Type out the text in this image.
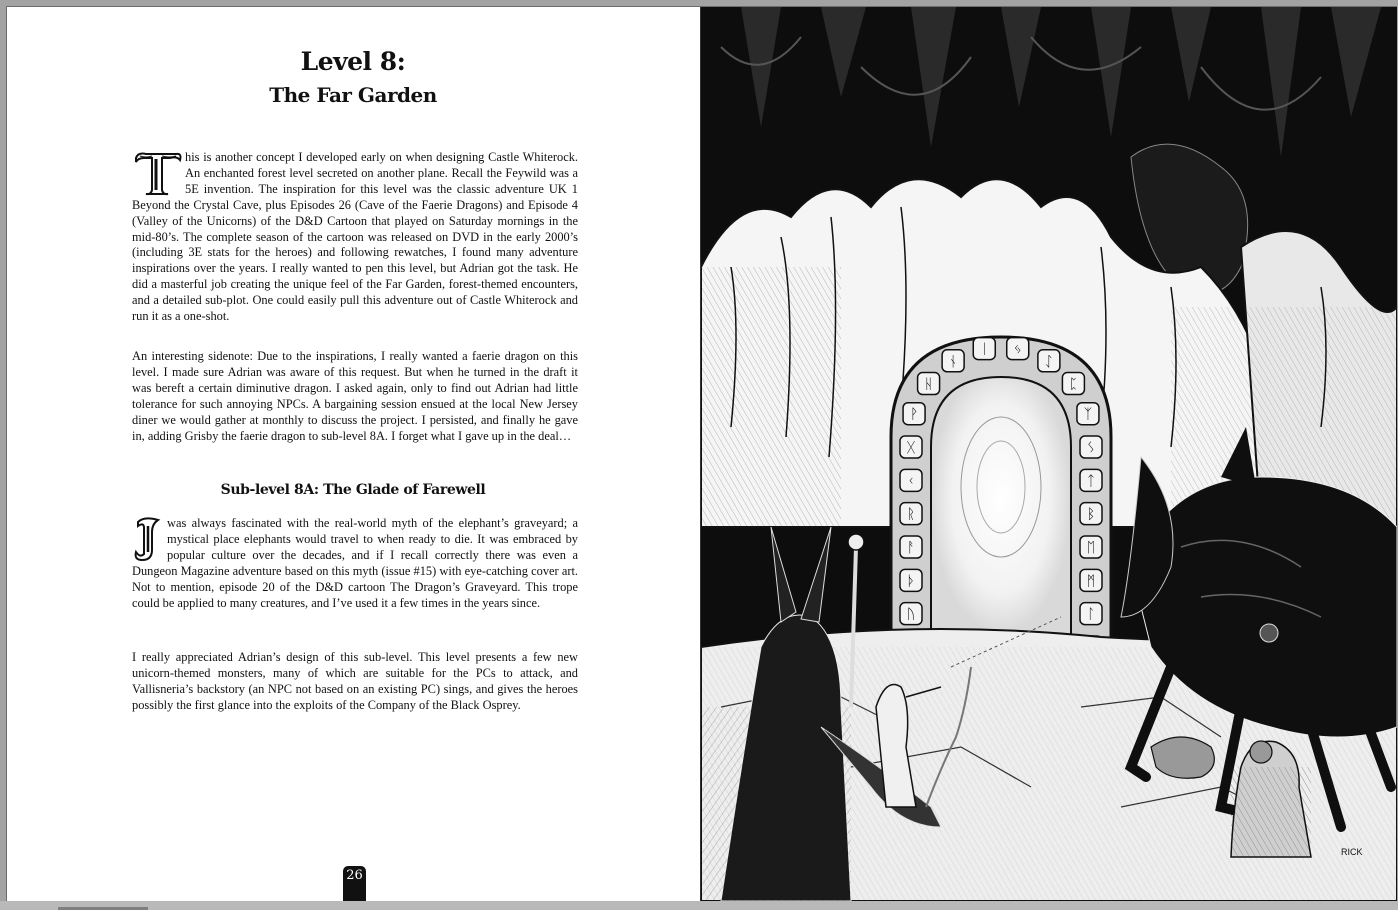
Level 8:
The Far Garden
his is another concept I developed early on when designing Castle Whiterock. An enchanted forest level secreted on another plane. Recall the Feywild was a 5E invention. The inspiration for this level was the classic adventure UK 1 Beyond the Crystal Cave, plus Episodes 26 (Cave of the Faerie Dragons) and Episode 4 (Valley of the Unicorns) of the D&D Cartoon that played on Saturday mornings in the mid-80’s. The complete season of the cartoon was released on DVD in the early 2000’s (including 3E stats for the heroes) and following rewatches, I found many adventure inspirations over the years. I really wanted to pen this level, but Adrian got the task. He did a masterful job creating the unique feel of the Far Garden, forest-themed encounters, and a detailed sub-plot. One could easily pull this adventure out of Castle Whiterock and run it as a one-shot.
An interesting sidenote: Due to the inspirations, I really wanted a faerie dragon on this level. I made sure Adrian was aware of this request. But when he turned in the draft it was bereft a certain diminutive dragon. I asked again, only to find out Adrian had little tolerance for such annoying NPCs. A bargaining session ensued at the local New Jersey diner we would gather at monthly to discuss the project. I persisted, and finally he gave in, adding Grisby the faerie dragon to sub-level 8A. I forget what I gave up in the deal…
Sub-level 8A: The Glade of Farewell
was always fascinated with the real-world myth of the elephant’s graveyard; a mystical place elephants would travel to when ready to die. It was embraced by popular culture over the decades, and if I recall correctly there was even a Dungeon Magazine adventure based on this myth (issue #15) with eye-catching cover art. Not to mention, episode 20 of the D&D cartoon The Dragon’s Graveyard. This trope could be applied to many creatures, and I’ve used it a few times in the years since.
I really appreciated Adrian’s design of this sub-level. This level presents a few new unicorn-themed monsters, many of which are suitable for the PCs to attack, and Vallisneria’s backstory (an NPC not based on an existing PC) sings, and gives the heroes possibly the first glance into the exploits of the Company of the Black Osprey.
26
ᚢ
ᚦ
ᚨ
ᚱ
ᚲ
ᚷ
ᚹ
ᚺ
ᚾ
ᛁ ᛃ
ᛇ
ᛈ
ᛉ
ᛊ
ᛏ
ᛒ
ᛖ
ᛗ
ᛚ
RICK
